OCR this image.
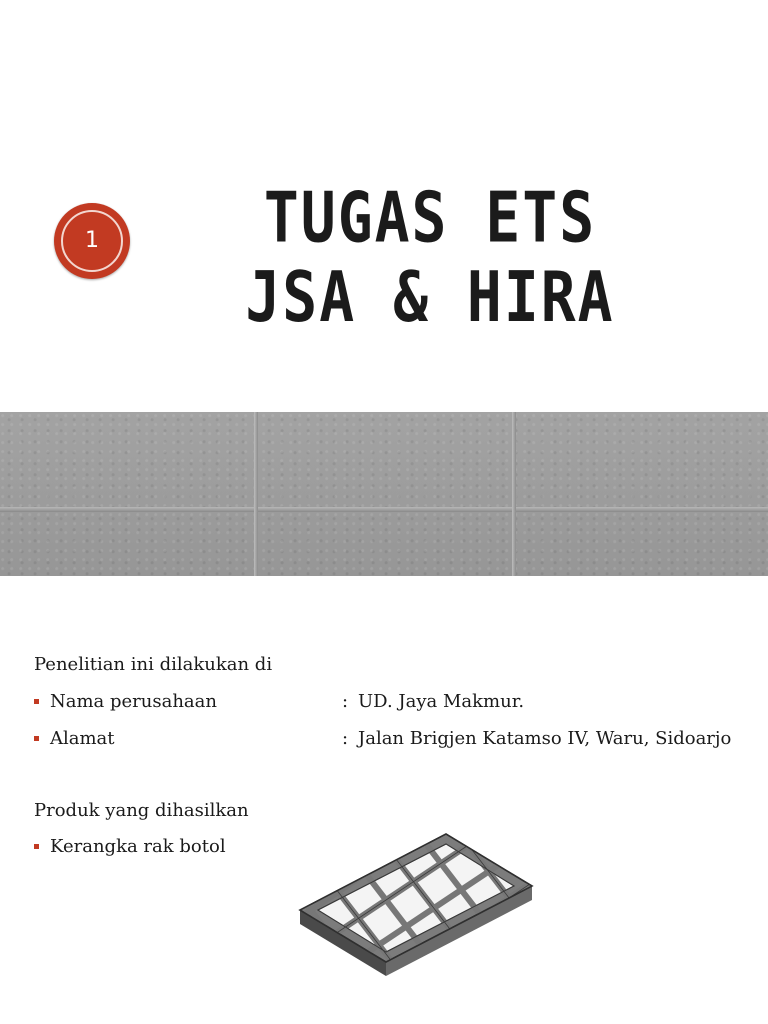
1	TUGAS ETS
JSA & HIRA
Penelitian ini dilakukan di
Nama perusahaan	: UD. Jaya Makmur.
Alamat	: Jalan Brigjen Katamso IV, Waru, Sidoarjo
Produk yang dihasilkan
Kerangka rak botol
